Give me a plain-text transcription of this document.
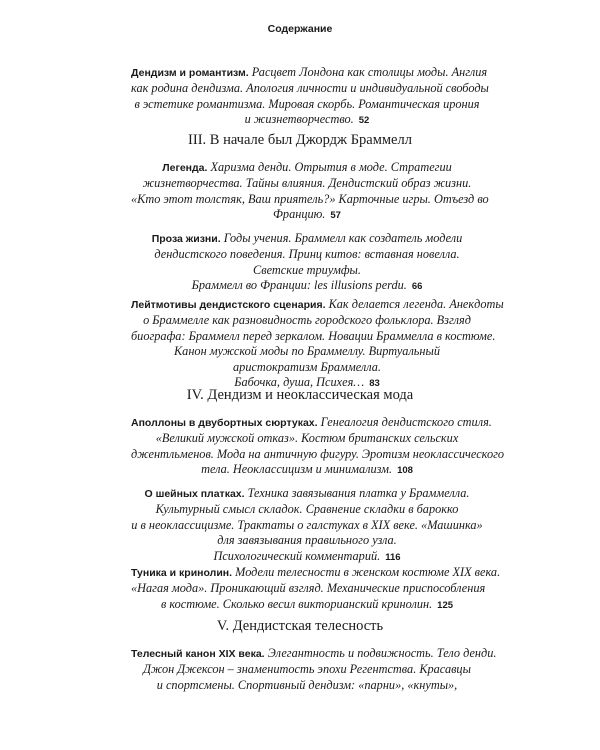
Содержание
Дендизм и романтизм. Расцвет Лондона как столицы моды. Англия
как родина дендизма. Апология личности и индивидуальной свободы
в эстетике романтизма. Мировая скорбь. Романтическая ирония
и жизнетворчество. 52
III. В начале был Джордж Браммелл
Легенда. Харизма денди. Отрытия в моде. Стратегии
жизнетворчества. Тайны влияния. Дендистский образ жизни.
«Кто этот толстяк, Ваш приятель?» Карточные игры. Отъезд во
Францию. 57
Проза жизни. Годы учения. Браммелл как создатель модели
дендистского поведения. Принц китов: вставная новелла.
Светские триумфы.
Браммелл во Франции: les illusions perdu. 66
Лейтмотивы дендистского сценария. Как делается легенда. Анекдоты
о Браммелле как разновидность городского фольклора. Взгляд
биографа: Браммелл перед зеркалом. Новации Браммелла в костюме.
Канон мужской моды по Браммеллу. Виртуальный
аристократизм Браммелла.
Бабочка, душа, Психея… 83
IV. Дендизм и неоклассическая мода
Аполлоны в двубортных сюртуках. Генеалогия дендистского стиля.
«Великий мужской отказ». Костюм британских сельских
джентльменов. Мода на античную фигуру. Эротизм неоклассического
тела. Неоклассицизм и минимализм. 108
О шейных платках. Техника завязывания платка у Браммелла.
Культурный смысл складок. Сравнение складки в барокко
и в неоклассицизме. Трактаты о галстуках в XIX веке. «Машинка»
для завязывания правильного узла.
Психологический комментарий. 116
Туника и кринолин. Модели телесности в женском костюме XIX века.
«Нагая мода». Проникающий взгляд. Механические приспособления
в костюме. Сколько весил викторианский кринолин. 125
V. Дендистская телесность
Телесный канон XIX века. Элегантность и подвижность. Тело денди.
Джон Джексон – знаменитость эпохи Регентства. Красавцы
и спортсмены. Спортивный дендизм: «парни», «кнуты»,
